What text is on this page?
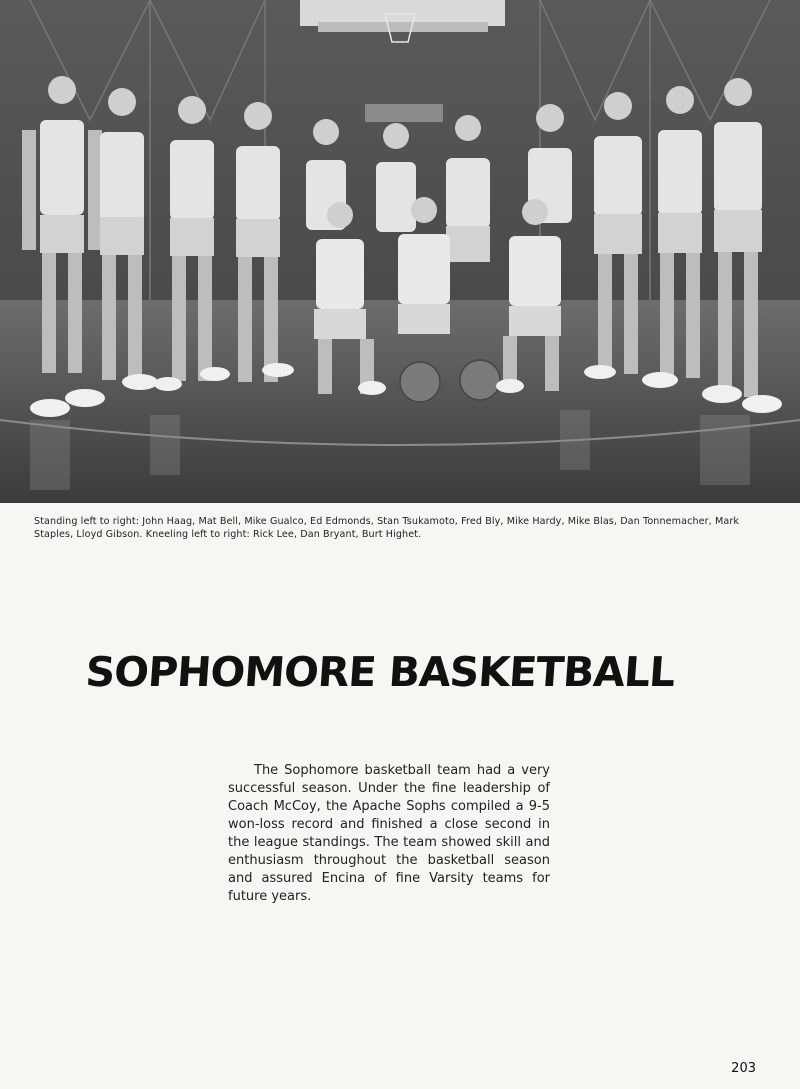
Standing left to right: John Haag, Mat Bell, Mike Gualco, Ed Edmonds, Stan Tsukamoto, Fred Bly, Mike Hardy, Mike Blas, Dan Tonnemacher, Mark Staples, Lloyd Gibson. Kneeling left to right: Rick Lee, Dan Bryant, Burt Highet.
SOPHOMORE BASKETBALL
The Sophomore basketball team had a very successful season. Under the fine leadership of Coach McCoy, the Apache Sophs compiled a 9-5 won-loss record and finished a close second in the league standings. The team showed skill and enthusiasm throughout the basketball season and assured Encina of fine Varsity teams for future years.
203
